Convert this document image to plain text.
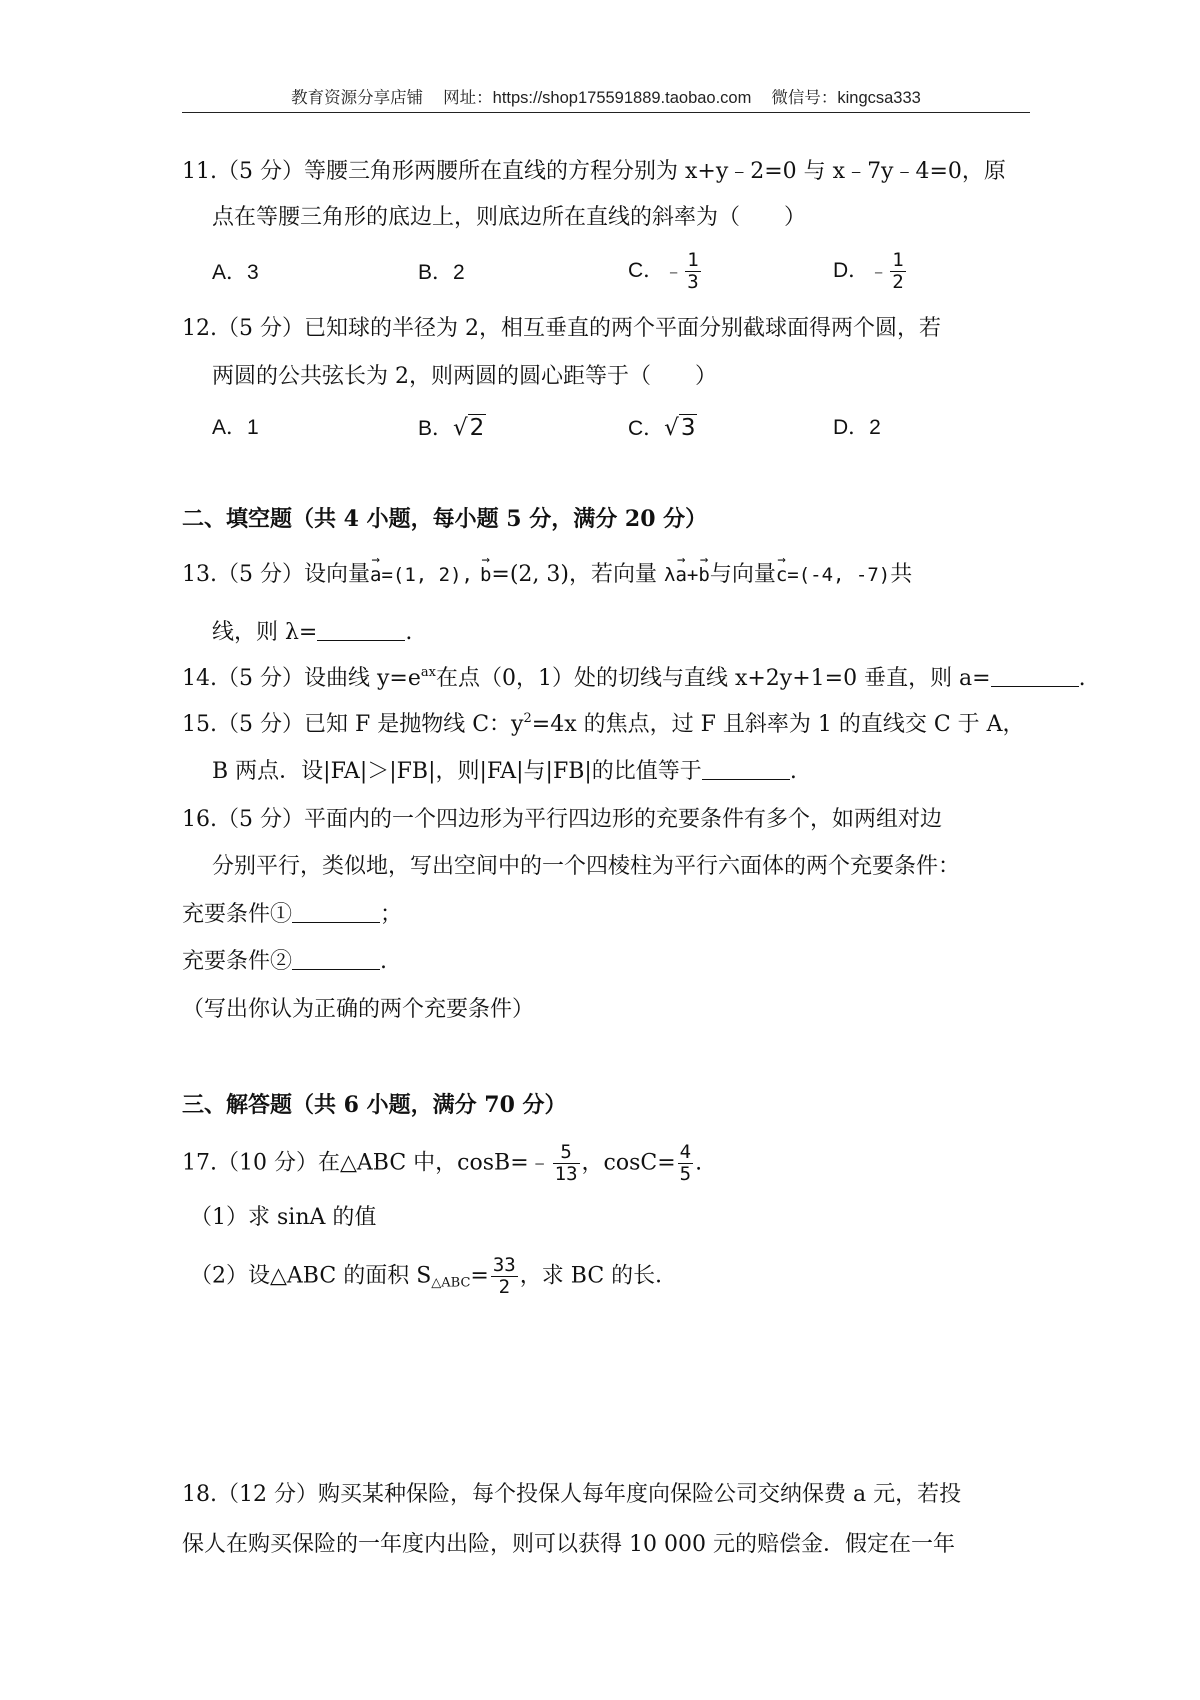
教育资源分享店铺 网址：https://shop175591889.taobao.com 微信号：kingcsa333
11.（5 分）等腰三角形两腰所在直线的方程分别为 x+y﹣2=0 与 x﹣7y﹣4=0，原
点在等腰三角形的底边上，则底边所在直线的斜率为（　　）
A．3	B．2	C．﹣ $\frac{1}{3}$	D．﹣ $\frac{1}{2}$
12.（5 分）已知球的半径为 2，相互垂直的两个平面分别截球面得两个圆，若
两圆的公共弦长为 2，则两圆的圆心距等于（　　）
A．1	B．√2	C．√3	D．2
二、填空题（共 4 小题，每小题 5 分，满分 20 分）
13.（5 分）设向量
→
a=(1, 2),
→
b=(2, 3)，若向量 λ
→
a+
→
b与向量
→
c=(-4, -7)共
线，则 λ=	.
14.（5 分）设曲线 $y=e^{ax}$在点（0，1）处的切线与直线 x+2y+1=0 垂直，则 a=	.
15.（5 分）已知 F 是抛物线 C：$y^2=4x$ 的焦点，过 F 且斜率为 1 的直线交 C 于 A，
B 两点．设|FA|＞|FB|，则|FA|与|FB|的比值等于	.
16.（5 分）平面内的一个四边形为平行四边形的充要条件有多个，如两组对边
分别平行，类似地，写出空间中的一个四棱柱为平行六面体的两个充要条件：
充要条件①	；
充要条件②	.
（写出你认为正确的两个充要条件）
三、解答题（共 6 小题，满分 70 分）
17.（10 分）在△ABC 中，cosB=﹣ $\frac{5}{13}$ ，$\cos C= \frac{4}{5}$ .
（1）求 sinA 的值
（2）设△ABC 的面积 $S_{\triangle ABC}= \frac{33}{2}$ ，求 BC 的长．
18.（12 分）购买某种保险，每个投保人每年度向保险公司交纳保费 a 元，若投
保人在购买保险的一年度内出险，则可以获得 10 000 元的赔偿金．假定在一年
